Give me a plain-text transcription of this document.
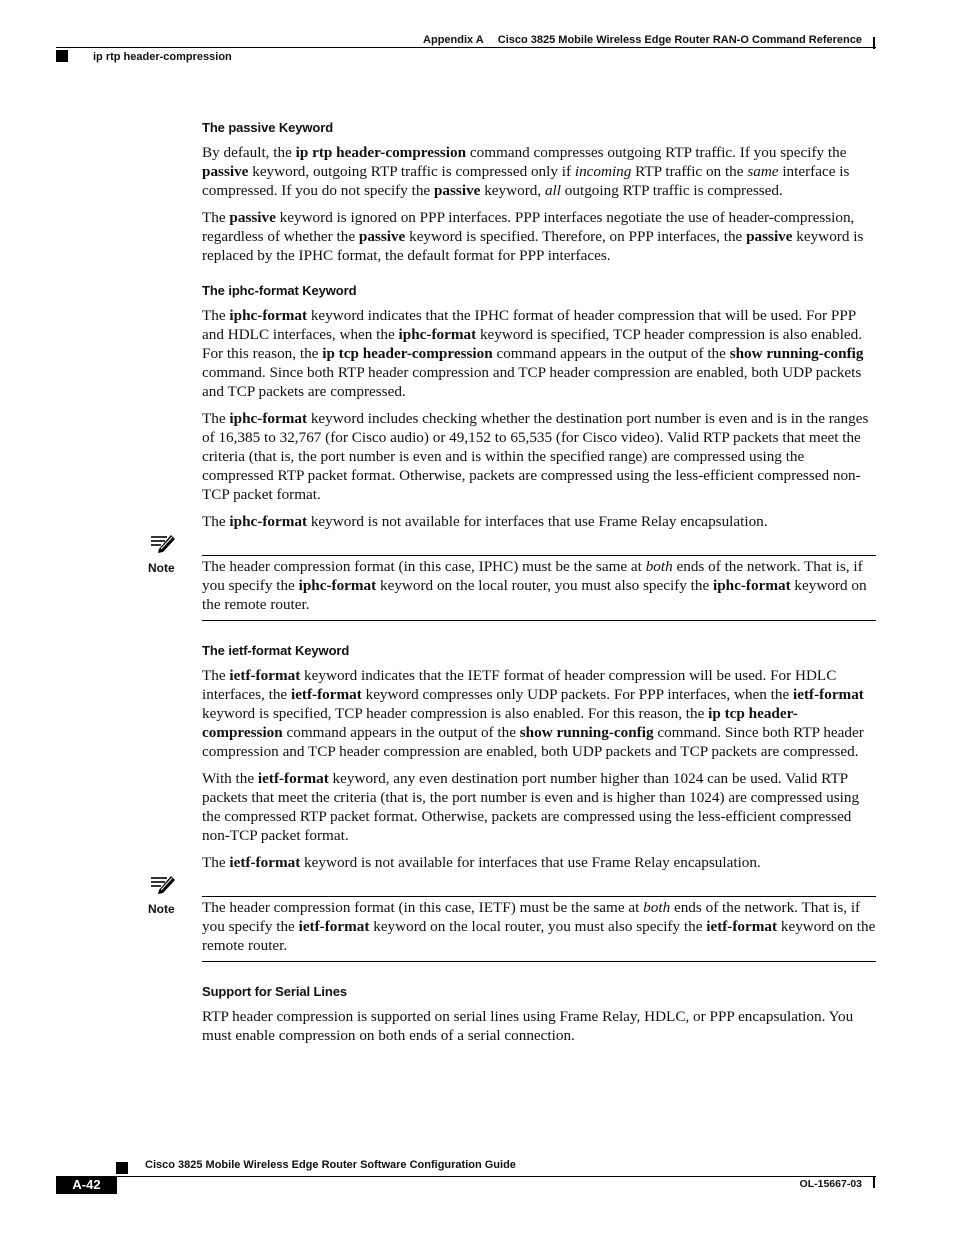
Appendix A Cisco 3825 Mobile Wireless Edge Router RAN-O Command Reference
ip rtp header-compression
The passive Keyword

By default, the ip rtp header-compression command compresses outgoing RTP traffic. If you specify the passive keyword, outgoing RTP traffic is compressed only if incoming RTP traffic on the same interface is compressed. If you do not specify the passive keyword, all outgoing RTP traffic is compressed.

The passive keyword is ignored on PPP interfaces. PPP interfaces negotiate the use of header-compression, regardless of whether the passive keyword is specified. Therefore, on PPP interfaces, the passive keyword is replaced by the IPHC format, the default format for PPP interfaces.

The iphc-format Keyword

The iphc-format keyword indicates that the IPHC format of header compression that will be used. For PPP and HDLC interfaces, when the iphc-format keyword is specified, TCP header compression is also enabled. For this reason, the ip tcp header-compression command appears in the output of the show running-config command. Since both RTP header compression and TCP header compression are enabled, both UDP packets and TCP packets are compressed.

The iphc-format keyword includes checking whether the destination port number is even and is in the ranges of 16,385 to 32,767 (for Cisco audio) or 49,152 to 65,535 (for Cisco video). Valid RTP packets that meet the criteria (that is, the port number is even and is within the specified range) are compressed using the compressed RTP packet format. Otherwise, packets are compressed using the less-efficient compressed non-TCP packet format.

The iphc-format keyword is not available for interfaces that use Frame Relay encapsulation.

Note The header compression format (in this case, IPHC) must be the same at both ends of the network. That is, if you specify the iphc-format keyword on the local router, you must also specify the iphc-format keyword on the remote router.

The ietf-format Keyword

The ietf-format keyword indicates that the IETF format of header compression will be used. For HDLC interfaces, the ietf-format keyword compresses only UDP packets. For PPP interfaces, when the ietf-format keyword is specified, TCP header compression is also enabled. For this reason, the ip tcp header-compression command appears in the output of the show running-config command. Since both RTP header compression and TCP header compression are enabled, both UDP packets and TCP packets are compressed.

With the ietf-format keyword, any even destination port number higher than 1024 can be used. Valid RTP packets that meet the criteria (that is, the port number is even and is higher than 1024) are compressed using the compressed RTP packet format. Otherwise, packets are compressed using the less-efficient compressed non-TCP packet format.

The ietf-format keyword is not available for interfaces that use Frame Relay encapsulation.

Note The header compression format (in this case, IETF) must be the same at both ends of the network. That is, if you specify the ietf-format keyword on the local router, you must also specify the ietf-format keyword on the remote router.

Support for Serial Lines

RTP header compression is supported on serial lines using Frame Relay, HDLC, or PPP encapsulation. You must enable compression on both ends of a serial connection.

Cisco 3825 Mobile Wireless Edge Router Software Configuration Guide
A-42	OL-15667-03
